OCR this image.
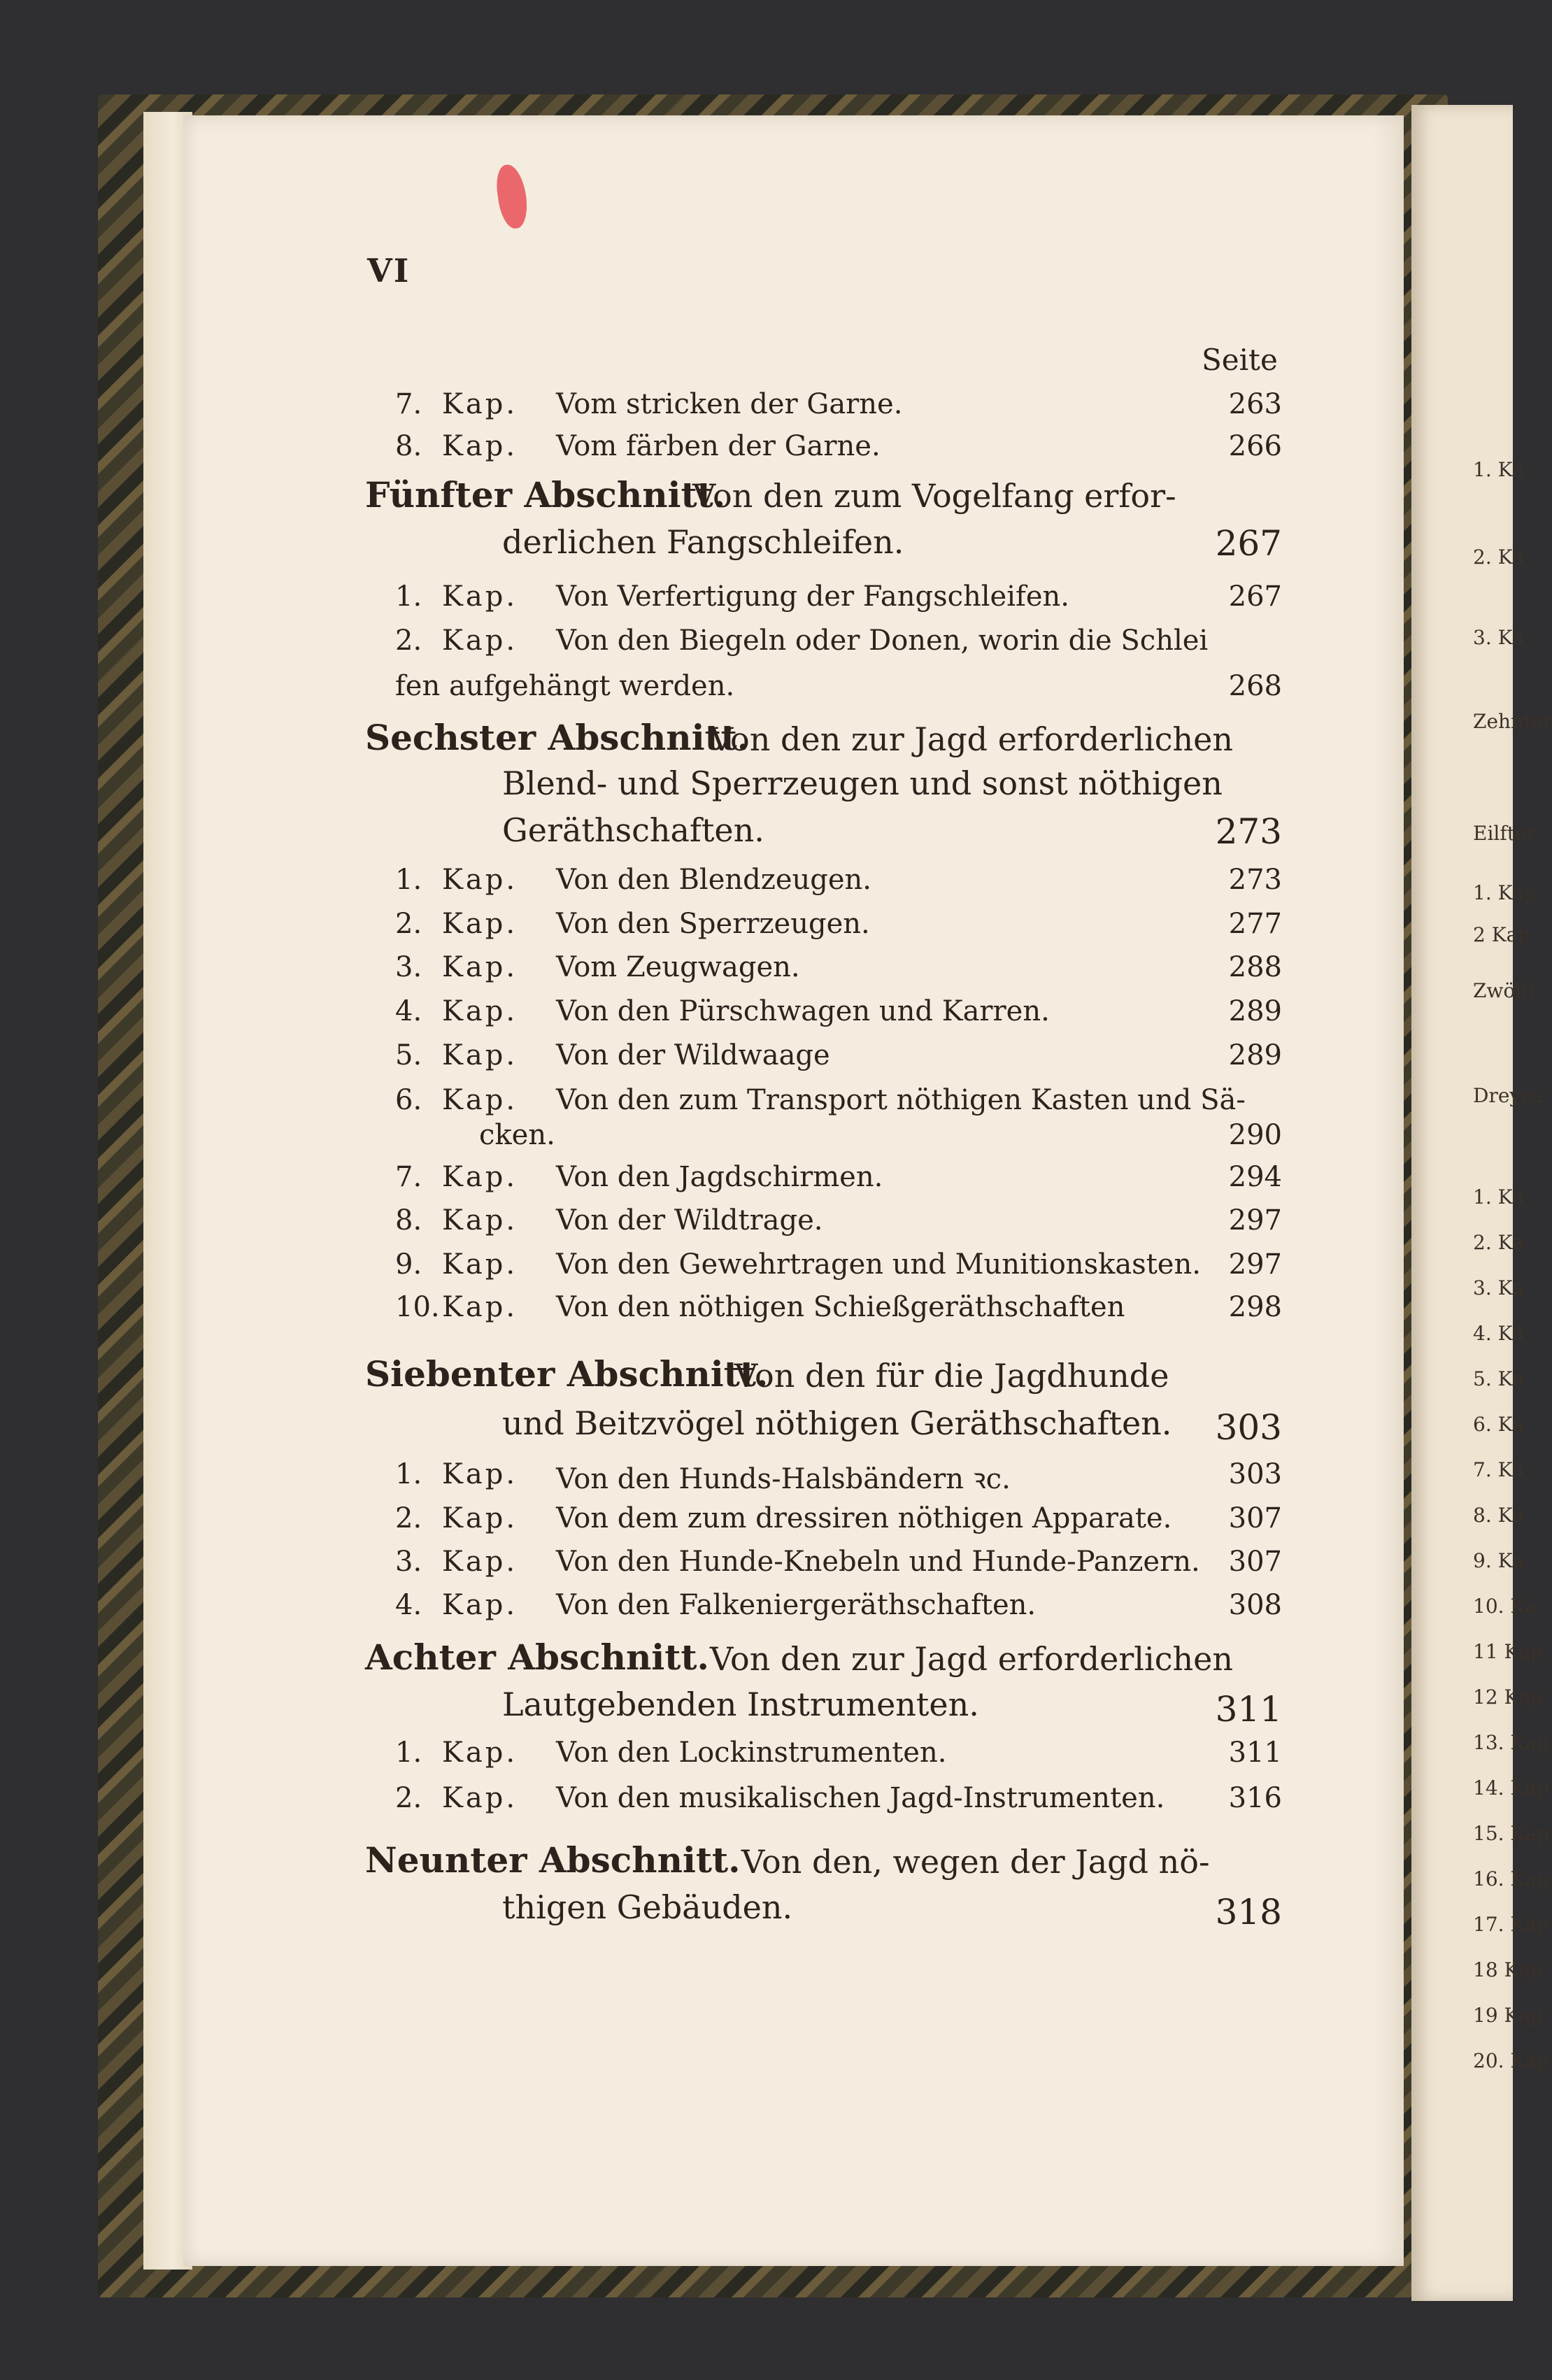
1. Ka
2. Ka
3. Ka
Zehnter
Eilfter
1. Kap
2 Kap
Zwölft
Dreyze
1. Ka
2. Ka
3. Ka
4. Ka
5. Ka
6. Ka
7. Ka
8. Ka
9. Ka
10. Ka
11 Kap
12 Kap
13. Kap
14. Kap
15. Kap
16. Kap
17. Kap
18 Kap
19 Kap
20. Kap
VI
Seite
7. Kap. Vom stricken der Garne.	263
8. Kap. Vom färben der Garne.	266
Fünfter Abschnitt.
Von den zum Vogelfang erfor-
derlichen Fangschleifen.	267
1. Kap. Von Verfertigung der Fangschleifen.	267
2. Kap. Von den Biegeln oder Donen, worin die Schlei
fen aufgehängt werden.	268
Sechster Abschnitt.
Von den zur Jagd erforderlichen
Blend- und Sperrzeugen und sonst nöthigen
Geräthschaften.	273
1. Kap. Von den Blendzeugen.	273
2. Kap. Von den Sperrzeugen.	277
3. Kap. Vom Zeugwagen.	288
4. Kap. Von den Pürschwagen und Karren.	289
5. Kap. Von der Wildwaage	289
6. Kap. Von den zum Transport nöthigen Kasten und Sä-
cken.	290
7. Kap. Von den Jagdschirmen.	294
8. Kap. Von der Wildtrage.	297
9. Kap. Von den Gewehrtragen und Munitionskasten. 297
10. Kap. Von den nöthigen Schießgeräthschaften	298
Siebenter Abschnitt.
Von den für die Jagdhunde
und Beitzvögel nöthigen Geräthschaften. 303
1. Kap. Von den Hunds-Halsbändern ꝛc.	303
2. Kap. Von dem zum dressiren nöthigen Apparate. 307
3. Kap. Von den Hunde-Knebeln und Hunde-Panzern. 307
4. Kap. Von den Falkeniergeräthschaften.	308
Achter Abschnitt. Von den zur Jagd erforderlichen
Lautgebenden Instrumenten.	311
1. Kap. Von den Lockinstrumenten.	311
2. Kap. Von den musikalischen Jagd-Instrumenten. 316
Neunter Abschnitt. Von den, wegen der Jagd nö-
thigen Gebäuden.	318
